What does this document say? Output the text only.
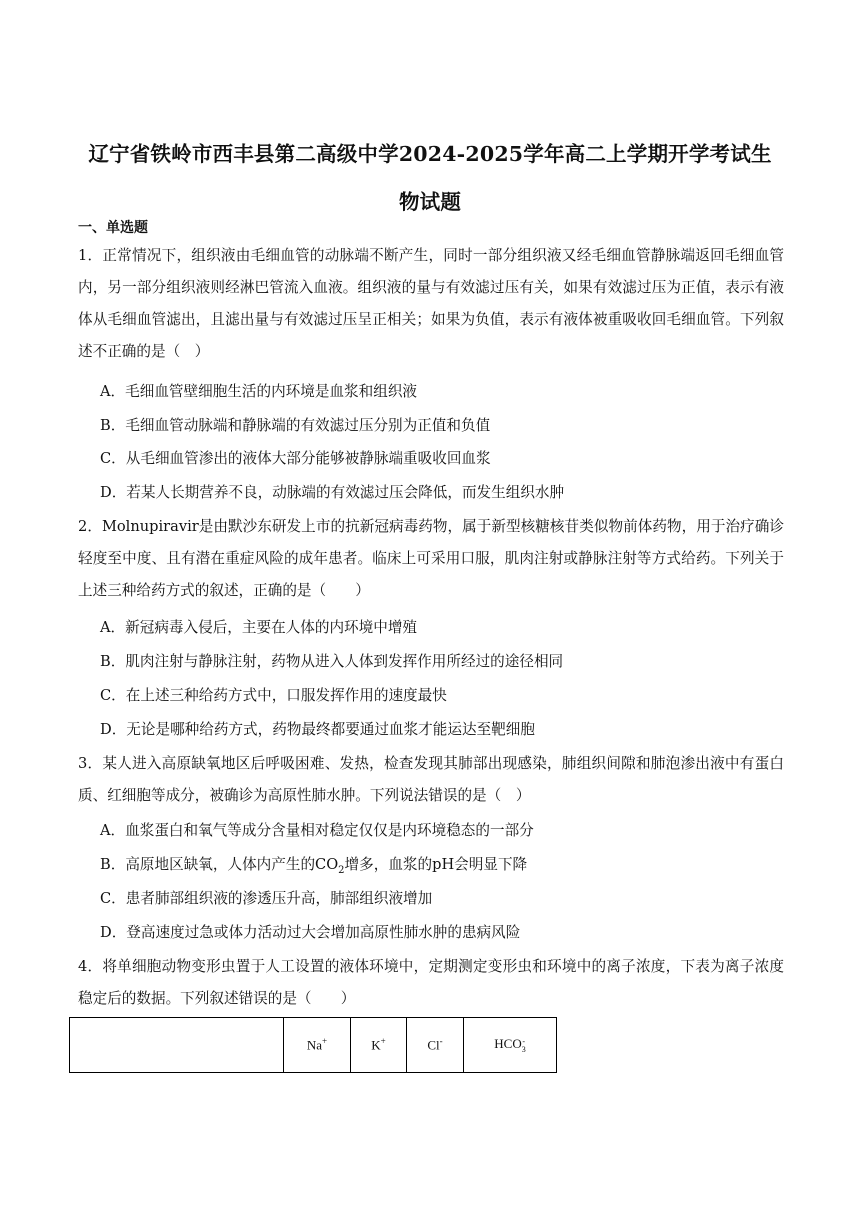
辽宁省铁岭市西丰县第二高级中学2024-2025学年高二上学期开学考试生
物试题
一、单选题
1．正常情况下，组织液由毛细血管的动脉端不断产生，同时一部分组织液又经毛细血管静脉端返回毛细血管内，另一部分组织液则经淋巴管流入血液。组织液的量与有效滤过压有关，如果有效滤过压为正值，表示有液体从毛细血管滤出，且滤出量与有效滤过压呈正相关；如果为负值，表示有液体被重吸收回毛细血管。下列叙述不正确的是（　）
A．毛细血管壁细胞生活的内环境是血浆和组织液
B．毛细血管动脉端和静脉端的有效滤过压分别为正值和负值
C．从毛细血管渗出的液体大部分能够被静脉端重吸收回血浆
D．若某人长期营养不良，动脉端的有效滤过压会降低，而发生组织水肿
2．Molnupiravir是由默沙东研发上市的抗新冠病毒药物，属于新型核糖核苷类似物前体药物，用于治疗确诊轻度至中度、且有潜在重症风险的成年患者。临床上可采用口服，肌肉注射或静脉注射等方式给药。下列关于上述三种给药方式的叙述，正确的是（　　）
A．新冠病毒入侵后，主要在人体的内环境中增殖
B．肌肉注射与静脉注射，药物从进入人体到发挥作用所经过的途径相同
C．在上述三种给药方式中，口服发挥作用的速度最快
D．无论是哪种给药方式，药物最终都要通过血浆才能运达至靶细胞
3．某人进入高原缺氧地区后呼吸困难、发热，检查发现其肺部出现感染，肺组织间隙和肺泡渗出液中有蛋白质、红细胞等成分，被确诊为高原性肺水肿。下列说法错误的是（　）
A．血浆蛋白和氧气等成分含量相对稳定仅仅是内环境稳态的一部分
B．高原地区缺氧，人体内产生的$CO_2$增多，血浆的pH会明显下降
C．患者肺部组织液的渗透压升高，肺部组织液增加
D．登高速度过急或体力活动过大会增加高原性肺水肿的患病风险
4．将单细胞动物变形虫置于人工设置的液体环境中，定期测定变形虫和环境中的离子浓度，下表为离子浓度稳定后的数据。下列叙述错误的是（　　）
	Na+	K+	Cl-	HCO -
3
